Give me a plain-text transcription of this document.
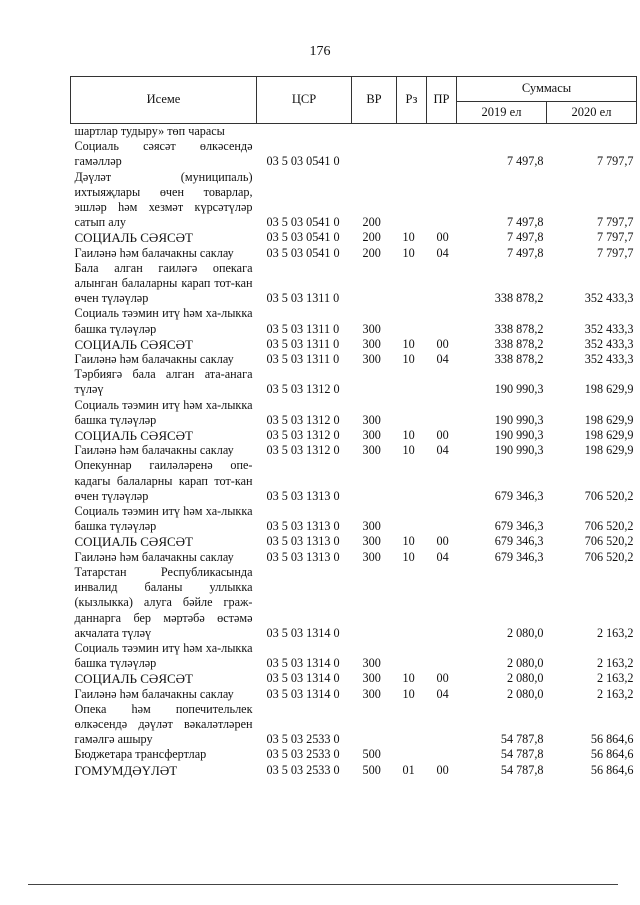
176
Исеме	ЦСР	ВР	Рз	ПР	Суммасы	
					2019 ел	2020 ел
шартлар тудыру» төп чарасы						
Социаль сәясәт өлкәсендә гамәлләр	03 5 03 0541 0				7 497,8	7 797,7
Дәүләт (муниципаль) ихтыяҗлары өчен товарлар, эшләр һәм хезмәт күрсәтүләр сатып алу	03 5 03 0541 0	200			7 497,8	7 797,7
СОЦИАЛЬ СӘЯСӘТ	03 5 03 0541 0	200	10	00	7 497,8	7 797,7
Гаиләнә һәм балачакны саклау	03 5 03 0541 0	200	10	04	7 497,8	7 797,7
Бала алган гаиләгә опекага алынган балаларны карап тот-кан өчен түләүләр	03 5 03 1311 0				338 878,2	352 433,3
Социаль тәэмин итү һәм ха-лыкка башка түләүләр	03 5 03 1311 0	300			338 878,2	352 433,3
СОЦИАЛЬ СӘЯСӘТ	03 5 03 1311 0	300	10	00	338 878,2	352 433,3
Гаиләнә һәм балачакны саклау	03 5 03 1311 0	300	10	04	338 878,2	352 433,3
Тәрбиягә бала алган ата-анага түләү	03 5 03 1312 0				190 990,3	198 629,9
Социаль тәэмин итү һәм ха-лыкка башка түләүләр	03 5 03 1312 0	300			190 990,3	198 629,9
СОЦИАЛЬ СӘЯСӘТ	03 5 03 1312 0	300	10	00	190 990,3	198 629,9
Гаиләнә һәм балачакны саклау	03 5 03 1312 0	300	10	04	190 990,3	198 629,9
Опекуннар гаиләләренә опе-кадагы балаларны карап тот-кан өчен түләүләр	03 5 03 1313 0				679 346,3	706 520,2
Социаль тәэмин итү һәм ха-лыкка башка түләүләр	03 5 03 1313 0	300			679 346,3	706 520,2
СОЦИАЛЬ СӘЯСӘТ	03 5 03 1313 0	300	10	00	679 346,3	706 520,2
Гаиләнә һәм балачакны саклау	03 5 03 1313 0	300	10	04	679 346,3	706 520,2
Татарстан Республикасында инвалид баланы уллыкка (кызлыкка) алуга бәйле граж-даннарга бер мәртәбә өстәмә акчалата түләү	03 5 03 1314 0				2 080,0	2 163,2
Социаль тәэмин итү һәм ха-лыкка башка түләүләр	03 5 03 1314 0	300			2 080,0	2 163,2
СОЦИАЛЬ СӘЯСӘТ	03 5 03 1314 0	300	10	00	2 080,0	2 163,2
Гаиләнә һәм балачакны саклау	03 5 03 1314 0	300	10	04	2 080,0	2 163,2
Опека һәм попечительлек өлкәсендә дәүләт вәкаләтләрен гамәлгә ашыру	03 5 03 2533 0				54 787,8	56 864,6
Бюджетара трансфертлар	03 5 03 2533 0	500			54 787,8	56 864,6
ГОМУМДӘҮЛӘТ	03 5 03 2533 0	500	01	00	54 787,8	56 864,6
